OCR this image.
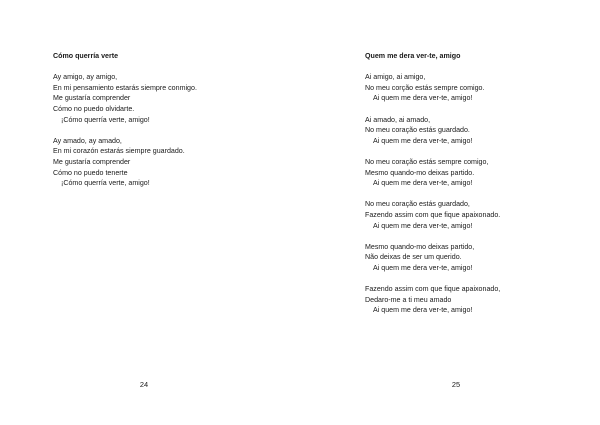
Cómo querría verte
Ay amigo, ay amigo,
En mi pensamiento estarás siempre conmigo.
Me gustaría comprender
Cómo no puedo olvidarte.
¡Cómo querría verte, amigo!
Ay amado, ay amado,
En mi corazón estarás siempre guardado.
Me gustaría comprender
Cómo no puedo tenerte
¡Cómo querría verte, amigo!
24
Quem me dera ver-te, amigo
Ai amigo, ai amigo,
No meu corção estás sempre comigo.
Ai quem me dera ver-te, amigo!
Ai amado, ai amado,
No meu coração estás guardado.
Ai quem me dera ver-te, amigo!
No meu coração estás sempre comigo,
Mesmo quando-mo deixas partido.
Ai quem me dera ver-te, amigo!
No meu coração estás guardado,
Fazendo assim com que fique apaixonado.
Ai quem me dera ver-te, amigo!
Mesmo quando-mo deixas partido,
Não deixas de ser um querido.
Ai quem me dera ver-te, amigo!
Fazendo assim com que fique apaixonado,
Dedaro-me a ti meu amado
Ai quem me dera ver-te, amigo!
25
